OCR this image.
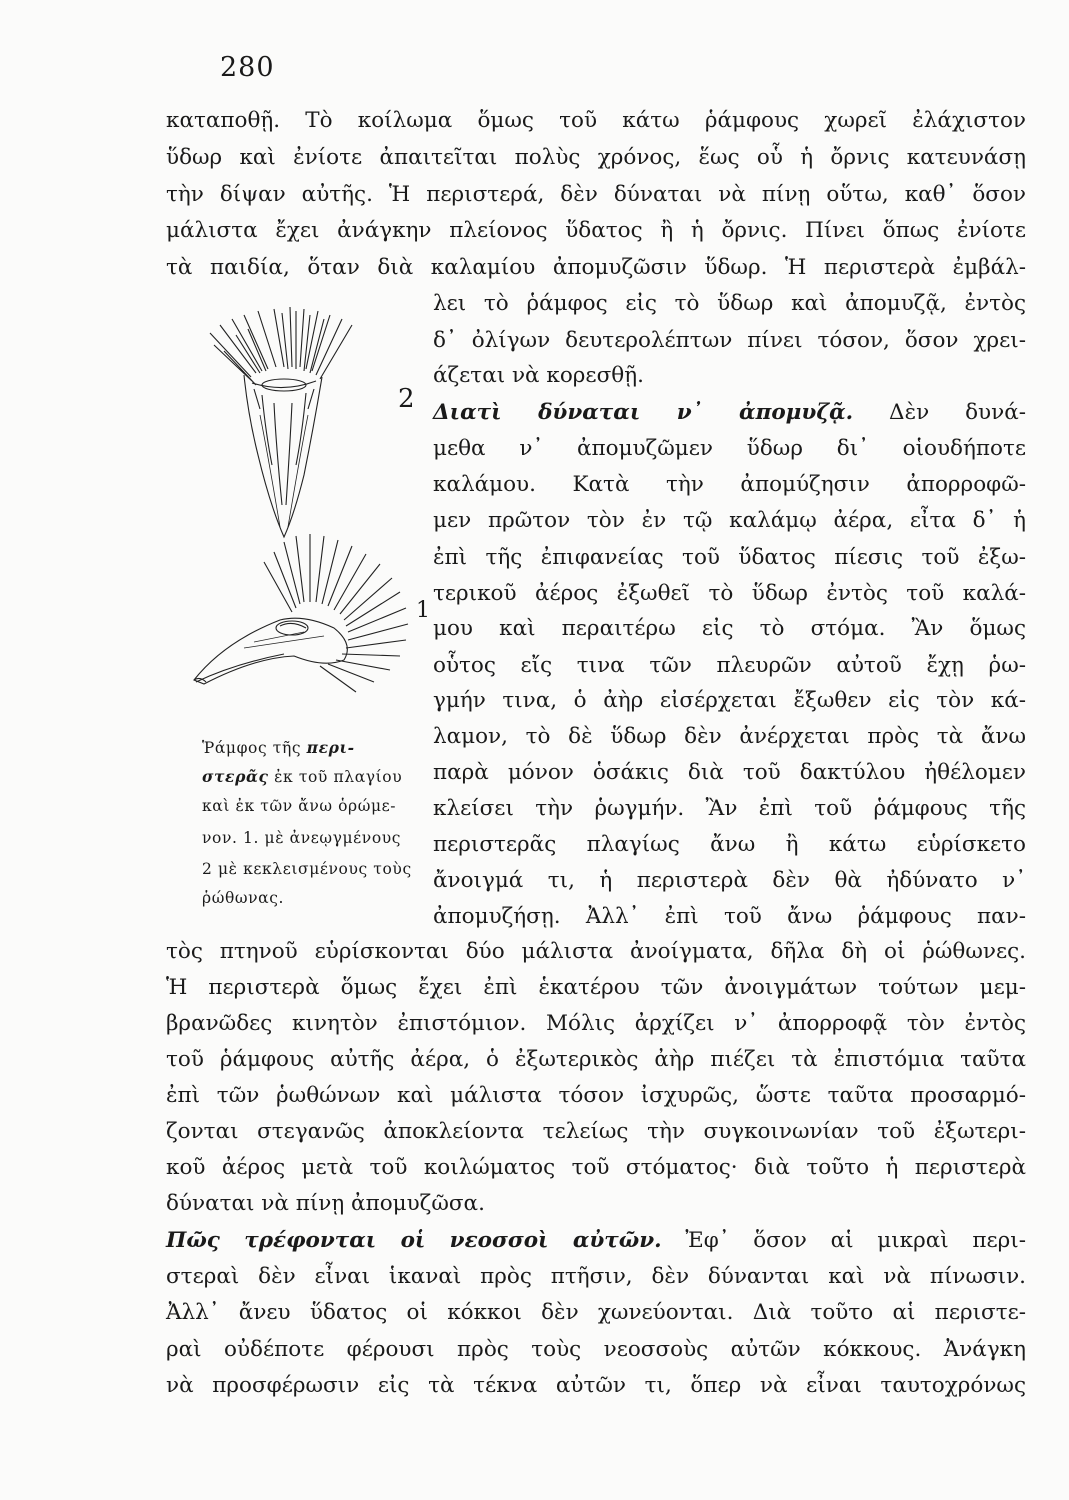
280
καταποθῇ. Τὸ κοίλωμα ὅμως τοῦ κάτω ῥάμφους χωρεῖ ἐλάχιστον
ὕδωρ καὶ ἐνίοτε ἀπαιτεῖται πολὺς χρόνος, ἕως οὗ ἡ ὄρνις κατευνάσῃ
τὴν δίψαν αὐτῆς. Ἡ περιστερά, δὲν δύναται νὰ πίνῃ οὕτω, καθ᾽ ὅσον
μάλιστα ἔχει ἀνάγκην πλείονος ὕδατος ἢ ἡ ὄρνις. Πίνει ὅπως ἐνίοτε
τὰ παιδία, ὅταν διὰ καλαμίου ἀπομυζῶσιν ὕδωρ. Ἡ περιστερὰ ἐμβάλ-
λει τὸ ῥάμφος εἰς τὸ ὕδωρ καὶ ἀπομυζᾷ, ἐντὸς
δ᾽ ὀλίγων δευτερολέπτων πίνει τόσον, ὅσον χρει-
άζεται νὰ κορεσθῇ.
Διατὶ δύναται ν᾽ ἀπομυζᾷ. Δὲν δυνά-
μεθα ν᾽ ἀπομυζῶμεν ὕδωρ δι᾽ οἱουδήποτε
καλάμου. Κατὰ τὴν ἀπομύζησιν ἀπορροφῶ-
μεν πρῶτον τὸν ἐν τῷ καλάμῳ ἀέρα, εἶτα δ᾽ ἡ
ἐπὶ τῆς ἐπιφανείας τοῦ ὕδατος πίεσις τοῦ ἐξω-
τερικοῦ ἀέρος ἐξωθεῖ τὸ ὕδωρ ἐντὸς τοῦ καλά-
μου καὶ περαιτέρω εἰς τὸ στόμα. Ἂν ὅμως
οὗτος εἴς τινα τῶν πλευρῶν αὐτοῦ ἔχῃ ῥω-
γμήν τινα, ὁ ἀὴρ εἰσέρχεται ἔξωθεν εἰς τὸν κά-
λαμον, τὸ δὲ ὕδωρ δὲν ἀνέρχεται πρὸς τὰ ἄνω
παρὰ μόνον ὁσάκις διὰ τοῦ δακτύλου ἠθέλομεν
κλείσει τὴν ῥωγμήν. Ἂν ἐπὶ τοῦ ῥάμφους τῆς
περιστερᾶς πλαγίως ἄνω ἢ κάτω εὑρίσκετο
ἄνοιγμά τι, ἡ περιστερὰ δὲν θὰ ἠδύνατο ν᾽
ἀπομυζήσῃ. Ἀλλ᾽ ἐπὶ τοῦ ἄνω ῥάμφους παν-
τὸς πτηνοῦ εὑρίσκονται δύο μάλιστα ἀνοίγματα, δῆλα δὴ οἱ ῥώθωνες.
Ἡ περιστερὰ ὅμως ἔχει ἐπὶ ἑκατέρου τῶν ἀνοιγμάτων τούτων μεμ-
βρανῶδες κινητὸν ἐπιστόμιον. Μόλις ἀρχίζει ν᾽ ἀπορροφᾷ τὸν ἐντὸς
τοῦ ῥάμφους αὐτῆς ἀέρα, ὁ ἐξωτερικὸς ἀὴρ πιέζει τὰ ἐπιστόμια ταῦτα
ἐπὶ τῶν ῥωθώνων καὶ μάλιστα τόσον ἰσχυρῶς, ὥστε ταῦτα προσαρμό-
ζονται στεγανῶς ἀποκλείοντα τελείως τὴν συγκοινωνίαν τοῦ ἐξωτερι-
κοῦ ἀέρος μετὰ τοῦ κοιλώματος τοῦ στόματος· διὰ τοῦτο ἡ περιστερὰ
δύναται νὰ πίνῃ ἀπομυζῶσα.
Πῶς τρέφονται οἱ νεοσσοὶ αὐτῶν. Ἐφ᾽ ὅσον αἱ μικραὶ περι-
στεραὶ δὲν εἶναι ἱκαναὶ πρὸς πτῆσιν, δὲν δύνανται καὶ νὰ πίνωσιν.
Ἀλλ᾽ ἄνευ ὕδατος οἱ κόκκοι δὲν χωνεύονται. Διὰ τοῦτο αἱ περιστε-
ραὶ οὐδέποτε φέρουσι πρὸς τοὺς νεοσσοὺς αὐτῶν κόκκους. Ἀνάγκη
νὰ προσφέρωσιν εἰς τὰ τέκνα αὐτῶν τι, ὅπερ νὰ εἶναι ταυτοχρόνως
2
1
Ῥάμφος τῆς περι-
στερᾶς ἐκ τοῦ πλαγίου
καὶ ἐκ τῶν ἄνω ὁρώμε-
νον. 1. μὲ ἀνεῳγμένους
2 μὲ κεκλεισμένους τοὺς
ῥώθωνας.
